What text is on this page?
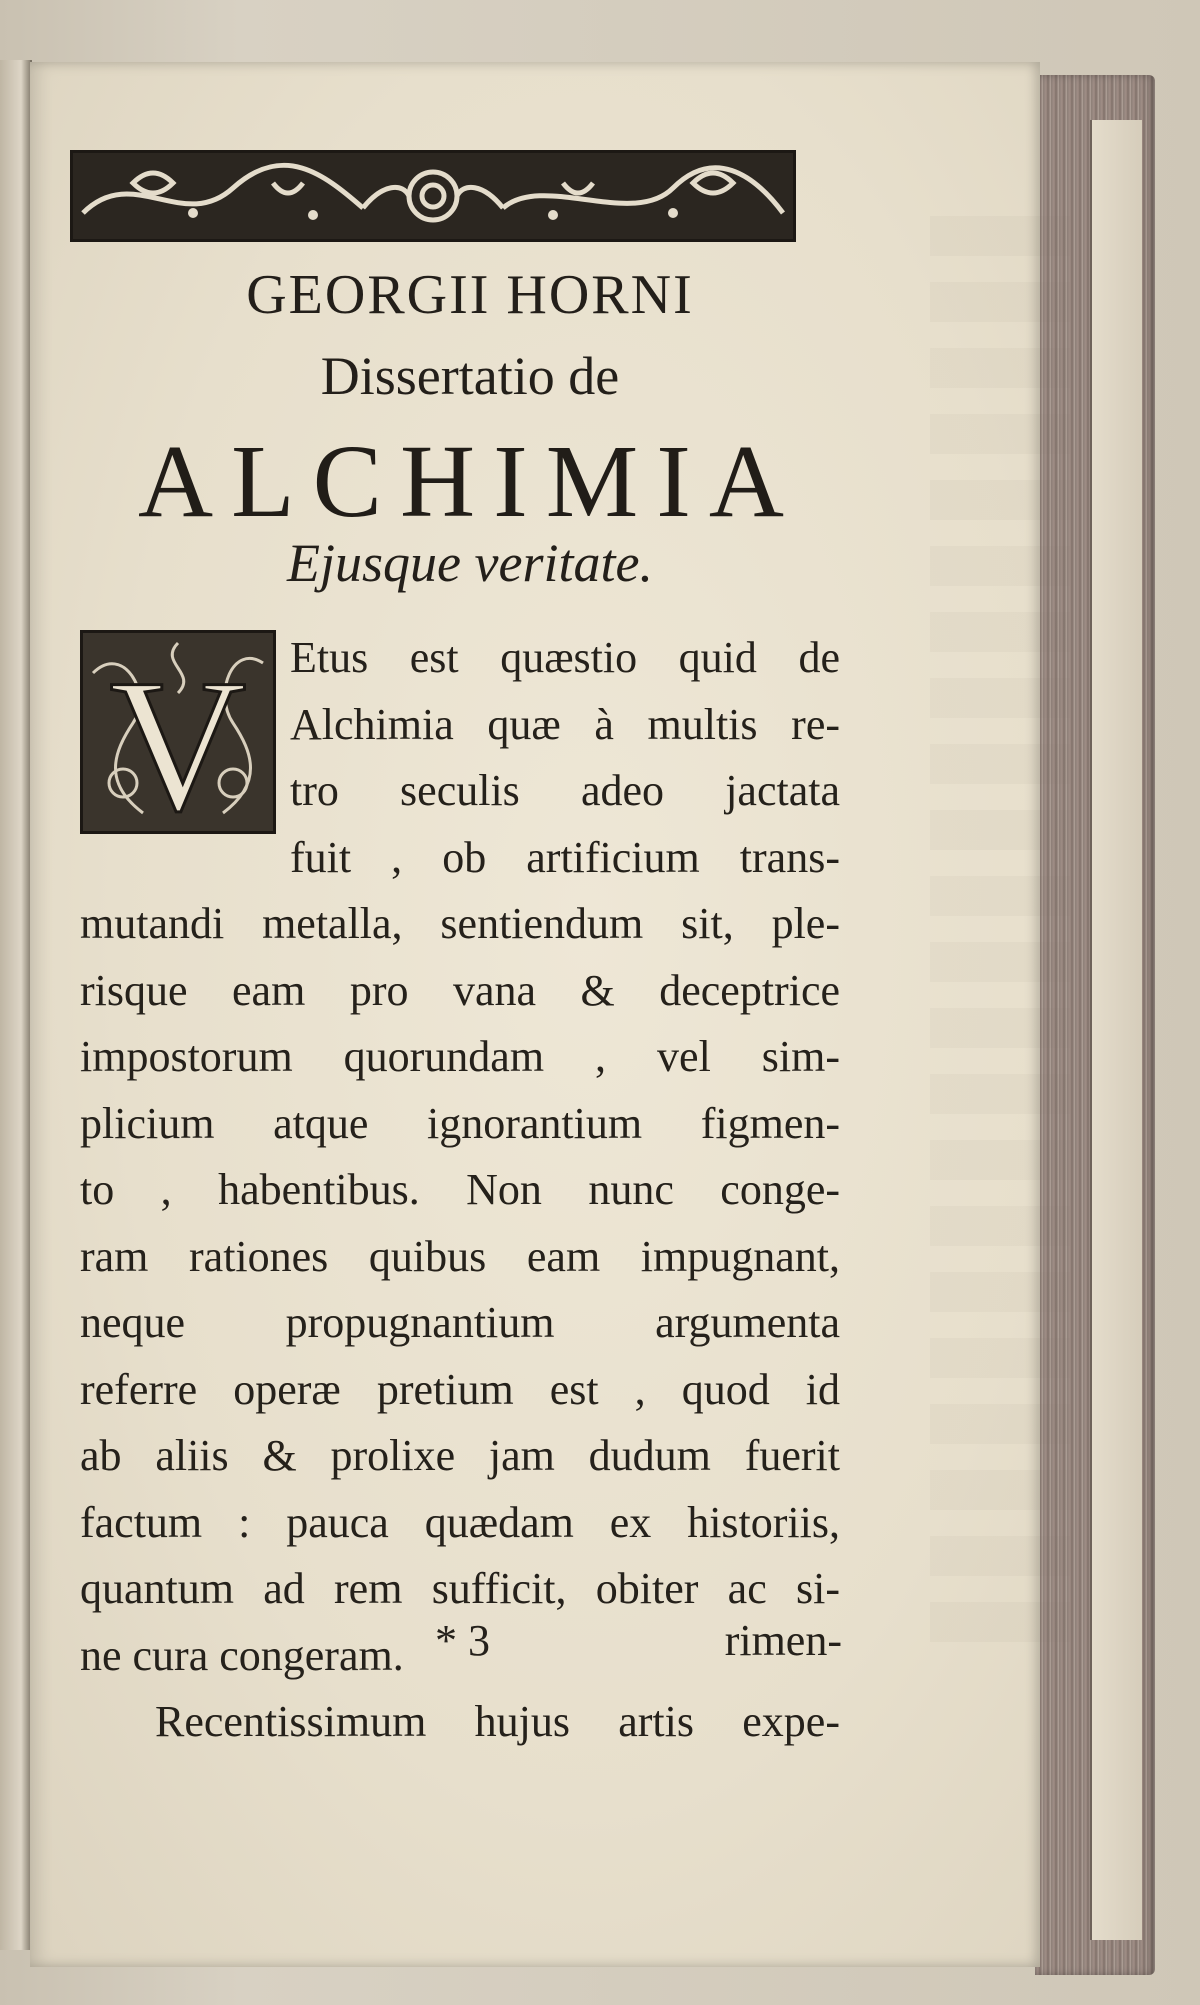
GEORGII HORNI
Dissertatio de
ALCHIMIA
Ejusque veritate.
V Etus est quæstio quid de
Alchimia quæ à multis re-
tro seculis adeo jactata
fuit , ob artificium trans-
mutandi metalla, sentiendum sit, ple-
risque eam pro vana & deceptrice
impostorum quorundam , vel sim-
plicium atque ignorantium figmen-
to , habentibus. Non nunc conge-
ram rationes quibus eam impugnant,
neque propugnantium argumenta
referre operæ pretium est , quod id
ab aliis & prolixe jam dudum fuerit
factum : pauca quædam ex historiis,
quantum ad rem sufficit, obiter ac si-
ne cura congeram.
Recentissimum hujus artis expe-
* 3	rimen-
